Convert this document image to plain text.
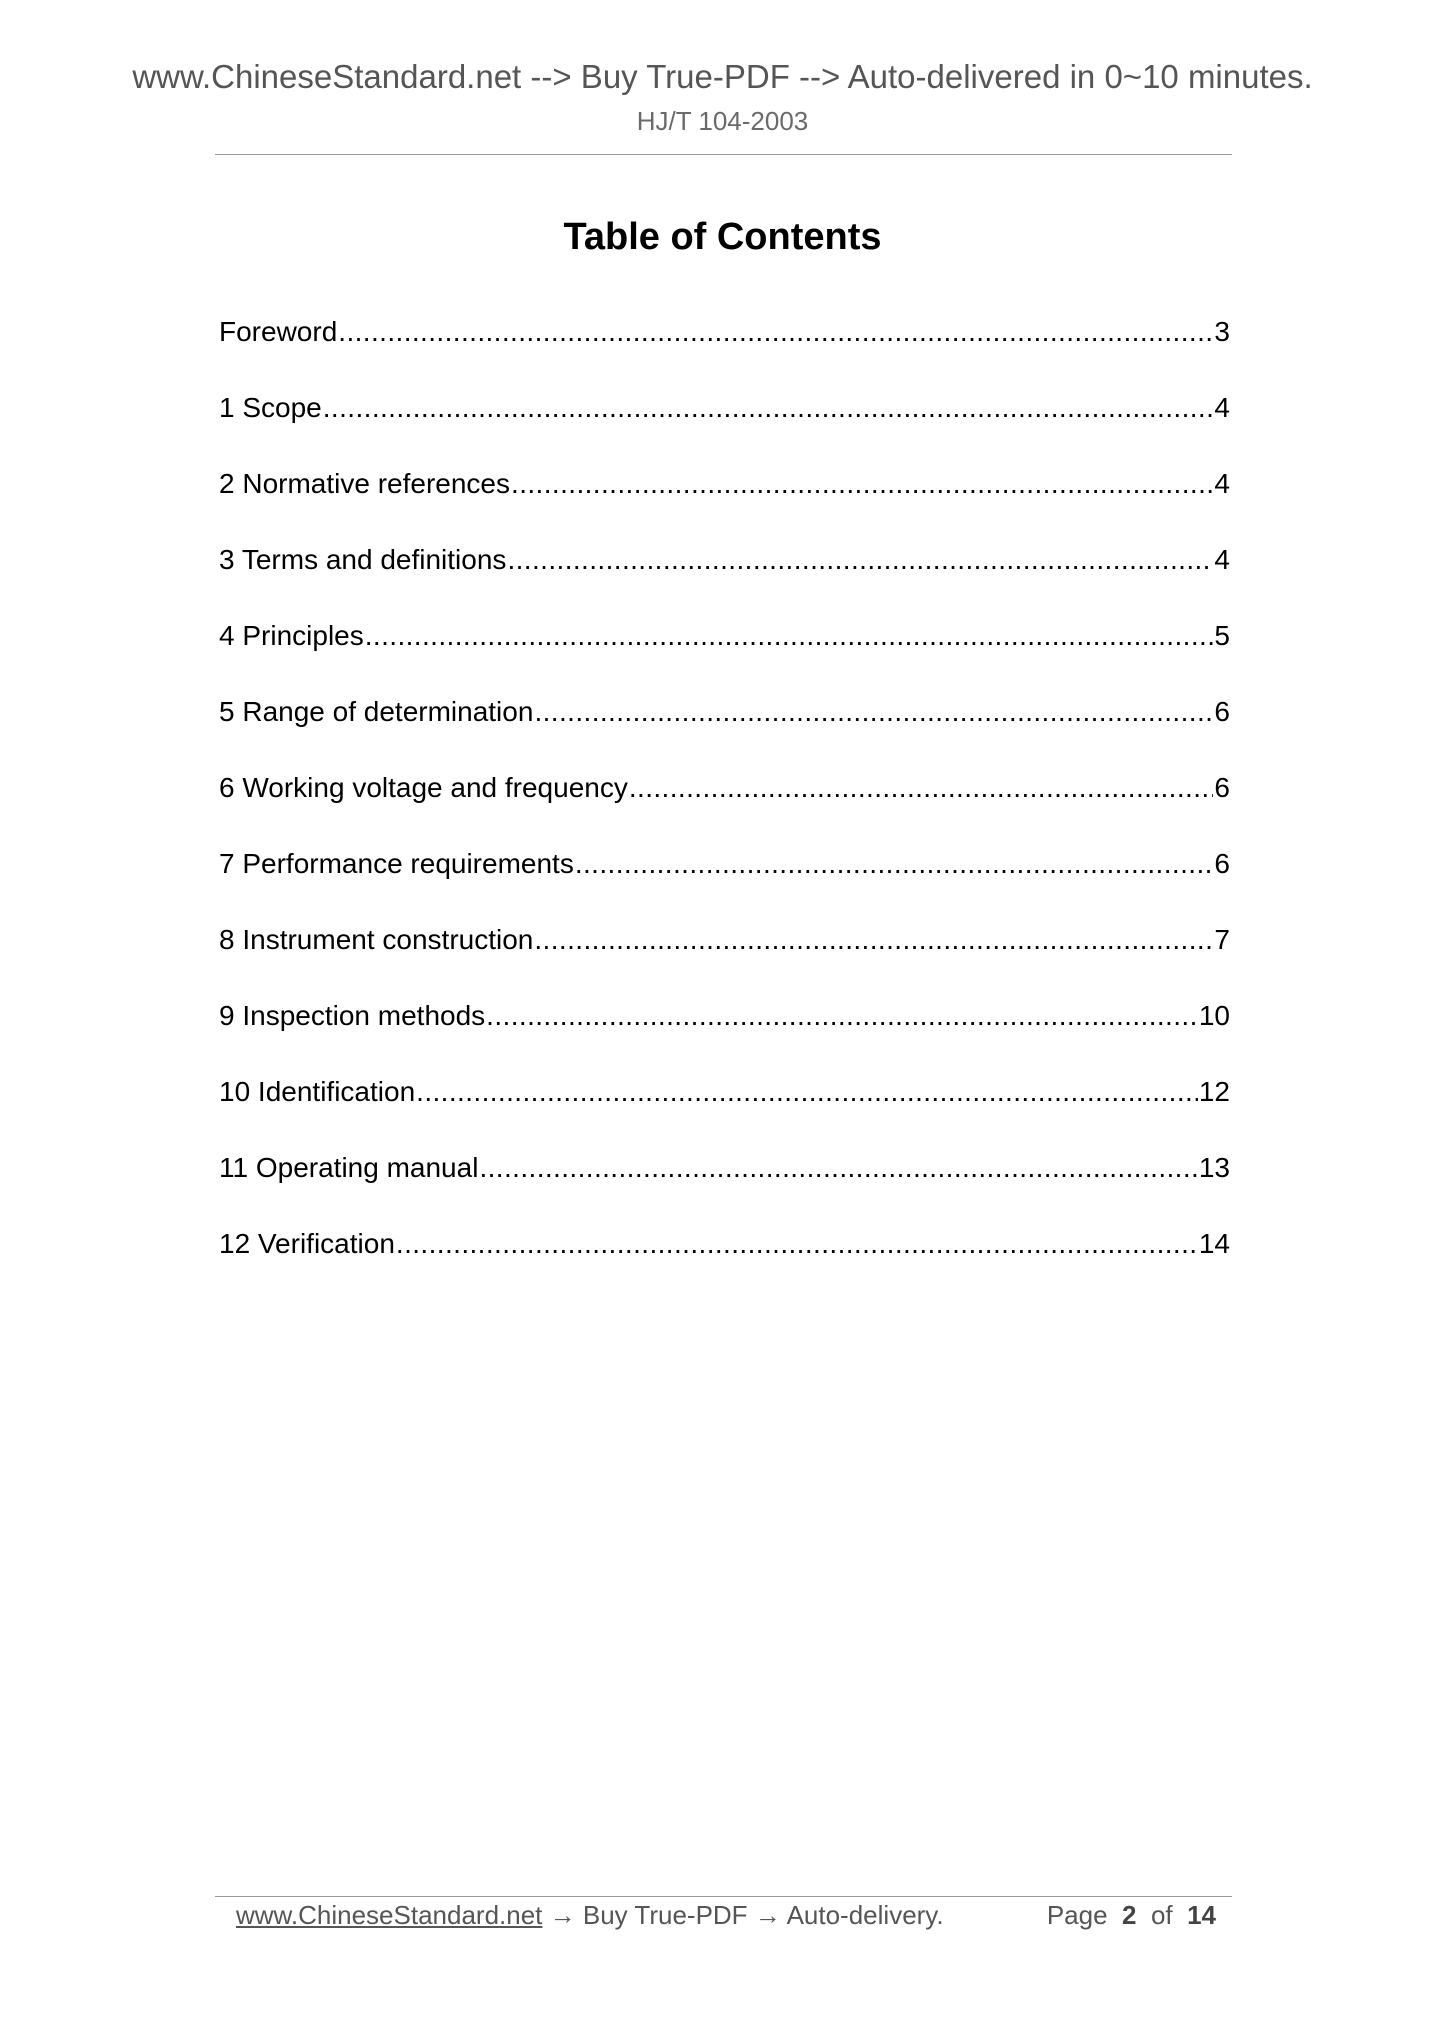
www.ChineseStandard.net --> Buy True-PDF --> Auto-delivered in 0~10 minutes.
HJ/T 104-2003
Table of Contents
Foreword .....	3
1 Scope .....	4
2 Normative references .....	4
3 Terms and definitions .....	4
4 Principles .....	5
5 Range of determination .....	6
6 Working voltage and frequency .....	6
7 Performance requirements .....	6
8 Instrument construction .....	7
9 Inspection methods .....	10
10 Identification .....	12
11 Operating manual .....	13
12 Verification .....	14
www.ChineseStandard.net → Buy True-PDF → Auto-delivery.	Page 2 of 14
